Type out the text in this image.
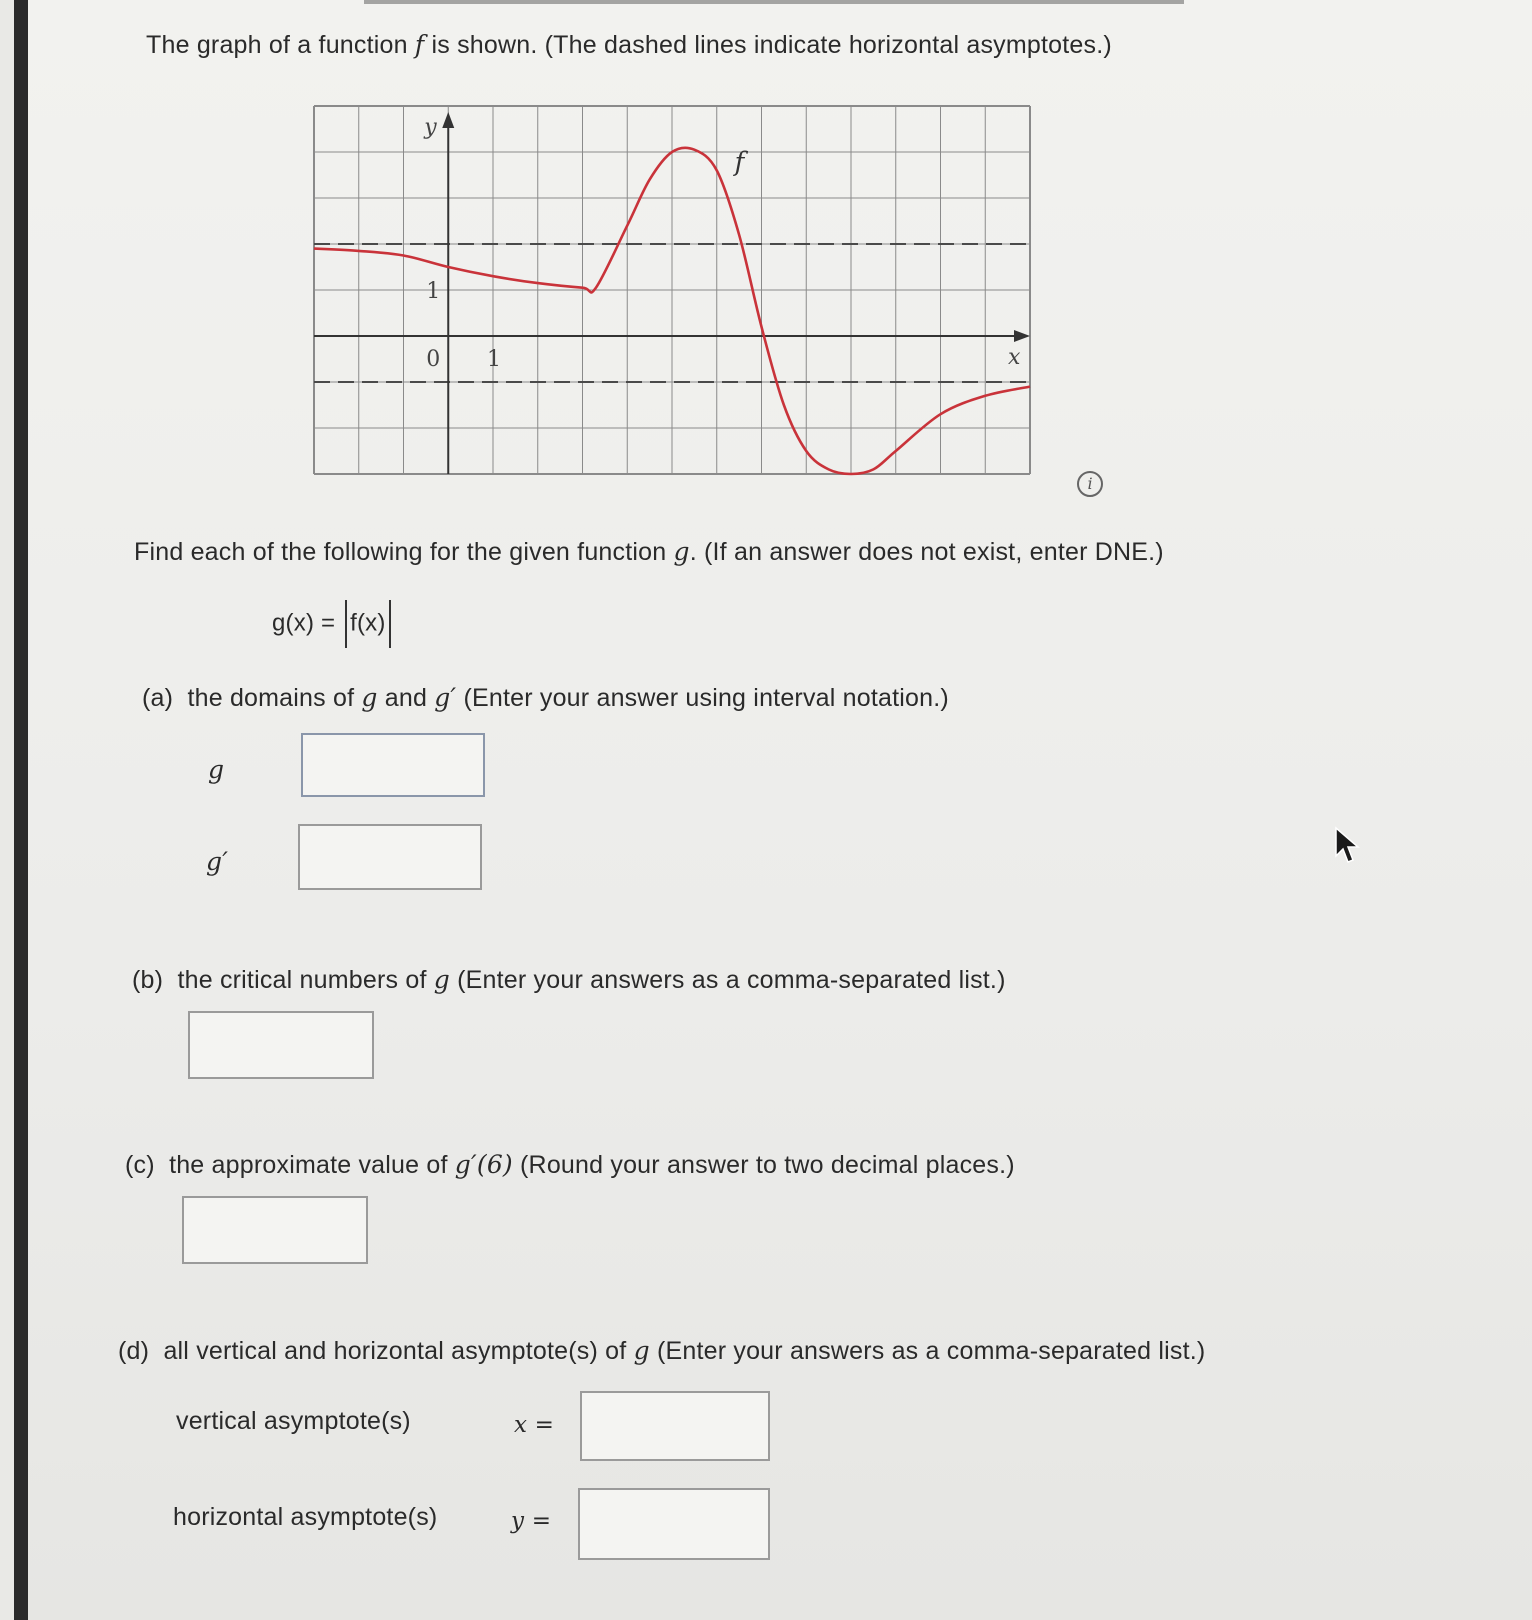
The graph of a function f is shown. (The dashed lines indicate horizontal asymptotes.)
y
x
f
0 1
1
i
Find each of the following for the given function g. (If an answer does not exist, enter DNE.)
g(x) = f(x)
(a) the domains of g and g′ (Enter your answer using interval notation.)
g
g′
(b) the critical numbers of g (Enter your answers as a comma-separated list.)
(c) the approximate value of g′(6) (Round your answer to two decimal places.)
(d) all vertical and horizontal asymptote(s) of g (Enter your answers as a comma-separated list.)
vertical asymptote(s)	x =
horizontal asymptote(s)	y =
